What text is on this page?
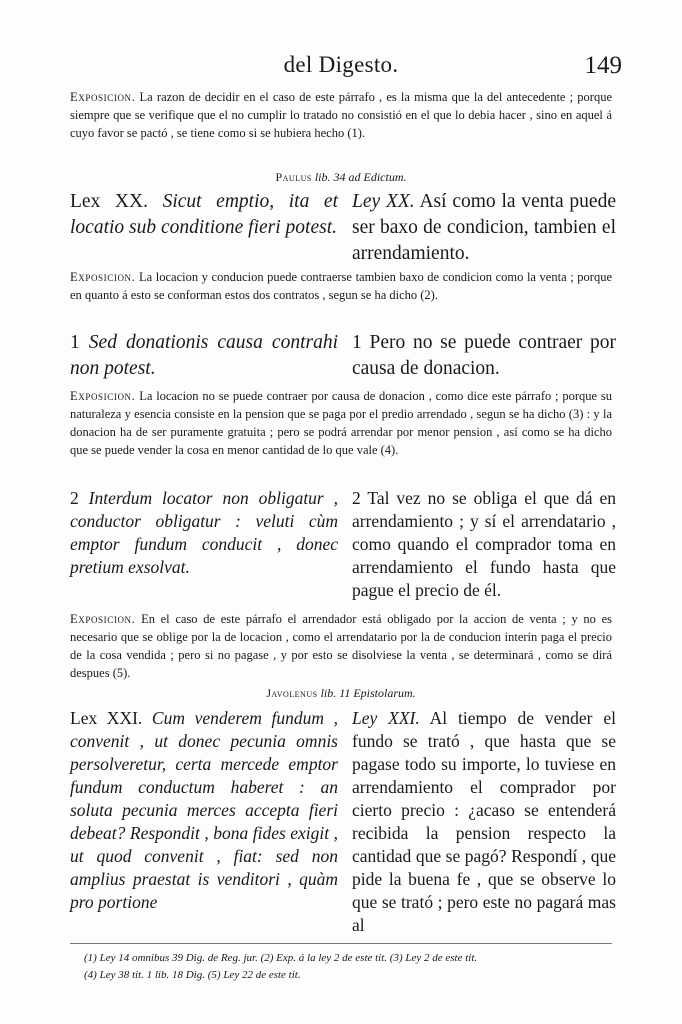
del Digesto.	149
Exposicion. La razon de decidir en el caso de este párrafo , es la misma que la del antecedente ; porque siempre que se verifique que el no cumplir lo tratado no consistió en el que lo debia hacer , sino en aquel á cuyo favor se pactó , se tiene como si se hubiera hecho (1).
Paulus lib. 34 ad Edictum.
Lex XX. Sicut emptio, ita et locatio sub conditione fieri potest.
Ley XX. Así como la venta puede ser baxo de condicion, tambien el arrendamiento.
Exposicion. La locacion y conducion puede contraerse tambien baxo de condicion como la venta ; porque en quanto á esto se conforman estos dos contratos , segun se ha dicho (2).
1 Sed donationis causa contrahi non potest.
1 Pero no se puede contraer por causa de donacion.
Exposicion. La locacion no se puede contraer por causa de donacion , como dice este párrafo ; porque su naturaleza y esencia consiste en la pension que se paga por el predio arrendado , segun se ha dicho (3) : y la donacion ha de ser puramente gratuita ; pero se podrá arrendar por menor pension , así como se ha dicho que se puede vender la cosa en menor cantidad de lo que vale (4).
2 Interdum locator non obligatur , conductor obligatur : veluti cùm emptor fundum conducit , donec pretium exsolvat.
2 Tal vez no se obliga el que dá en arrendamiento ; y sí el arrendatario , como quando el comprador toma en arrendamiento el fundo hasta que pague el precio de él.
Exposicion. En el caso de este párrafo el arrendador está obligado por la accion de venta ; y no es necesario que se oblige por la de locacion , como el arrendatario por la de conducion interin paga el precio de la cosa vendida ; pero si no pagase , y por esto se disolviese la venta , se determinará , como se dirá despues (5).
Javolenus lib. 11 Epistolarum.
Lex XXI. Cum venderem fundum , convenit , ut donec pecunia omnis persolveretur, certa mercede emptor fundum conductum haberet : an soluta pecunia merces accepta fieri debeat? Respondit , bona fides exigit , ut quod convenit , fiat: sed non amplius praestat is venditori , quàm pro portione
Ley XXI. Al tiempo de vender el fundo se trató , que hasta que se pagase todo su importe, lo tuviese en arrendamiento el comprador por cierto precio : ¿acaso se entenderá recibida la pension respecto la cantidad que se pagó? Respondí , que pide la buena fe , que se observe lo que se trató ; pero este no pagará mas al
(1) Ley 14 omnibus 39 Dig. de Reg. jur. (2) Exp. á la ley 2 de este tit. (3) Ley 2 de este tit.
(4) Ley 38 tit. 1 lib. 18 Dig. (5) Ley 22 de este tit.
